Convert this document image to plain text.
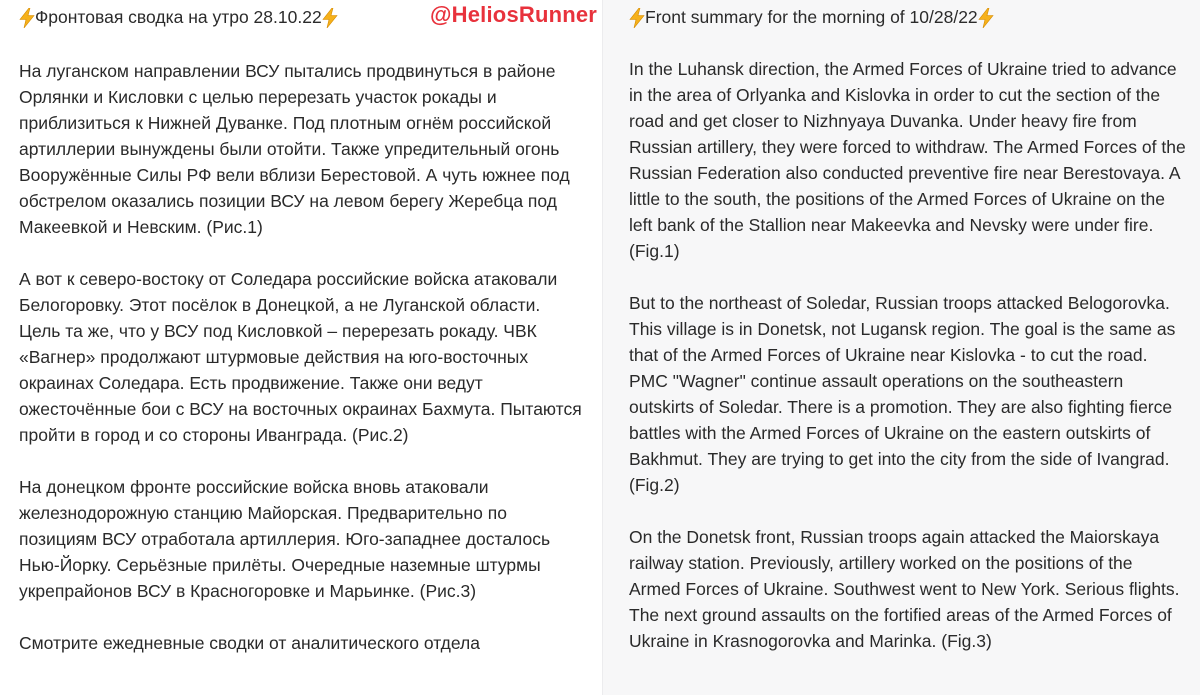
Фронтовая сводка на утро 28.10.22	@HeliosRunner

На луганском направлении ВСУ пытались продвинуться в районе Орлянки и Кисловки с целью перерезать участок рокады и приблизиться к Нижней Дуванке. Под плотным огнём российской артиллерии вынуждены были отойти. Также упредительный огонь Вооружённые Силы РФ вели вблизи Берестовой. А чуть южнее под обстрелом оказались позиции ВСУ на левом берегу Жеребца под Макеевкой и Невским. (Рис.1)

А вот к северо-востоку от Соледара российские войска атаковали Белогоровку. Этот посёлок в Донецкой, а не Луганской области. Цель та же, что у ВСУ под Кисловкой – перерезать рокаду. ЧВК «Вагнер» продолжают штурмовые действия на юго-восточных окраинах Соледара. Есть продвижение. Также они ведут ожесточённые бои с ВСУ на восточных окраинах Бахмута. Пытаются пройти в город и со стороны Иванграда. (Рис.2)

На донецком фронте российские войска вновь атаковали железнодорожную станцию Майорская. Предварительно по позициям ВСУ отработала артиллерия. Юго-западнее досталось Нью-Йорку. Серьёзные прилёты. Очередные наземные штурмы укрепрайонов ВСУ в Красногоровке и Марьинке. (Рис.3)

Смотрите ежедневные сводки от аналитического отдела

Front summary for the morning of 10/28/22

In the Luhansk direction, the Armed Forces of Ukraine tried to advance in the area of Orlyanka and Kislovka in order to cut the section of the road and get closer to Nizhnyaya Duvanka. Under heavy fire from Russian artillery, they were forced to withdraw. The Armed Forces of the Russian Federation also conducted preventive fire near Berestovaya. A little to the south, the positions of the Armed Forces of Ukraine on the left bank of the Stallion near Makeevka and Nevsky were under fire. (Fig.1)

But to the northeast of Soledar, Russian troops attacked Belogorovka. This village is in Donetsk, not Lugansk region. The goal is the same as that of the Armed Forces of Ukraine near Kislovka - to cut the road. PMC "Wagner" continue assault operations on the southeastern outskirts of Soledar. There is a promotion. They are also fighting fierce battles with the Armed Forces of Ukraine on the eastern outskirts of Bakhmut. They are trying to get into the city from the side of Ivangrad. (Fig.2)

On the Donetsk front, Russian troops again attacked the Maiorskaya railway station. Previously, artillery worked on the positions of the Armed Forces of Ukraine. Southwest went to New York. Serious flights. The next ground assaults on the fortified areas of the Armed Forces of Ukraine in Krasnogorovka and Marinka. (Fig.3)
